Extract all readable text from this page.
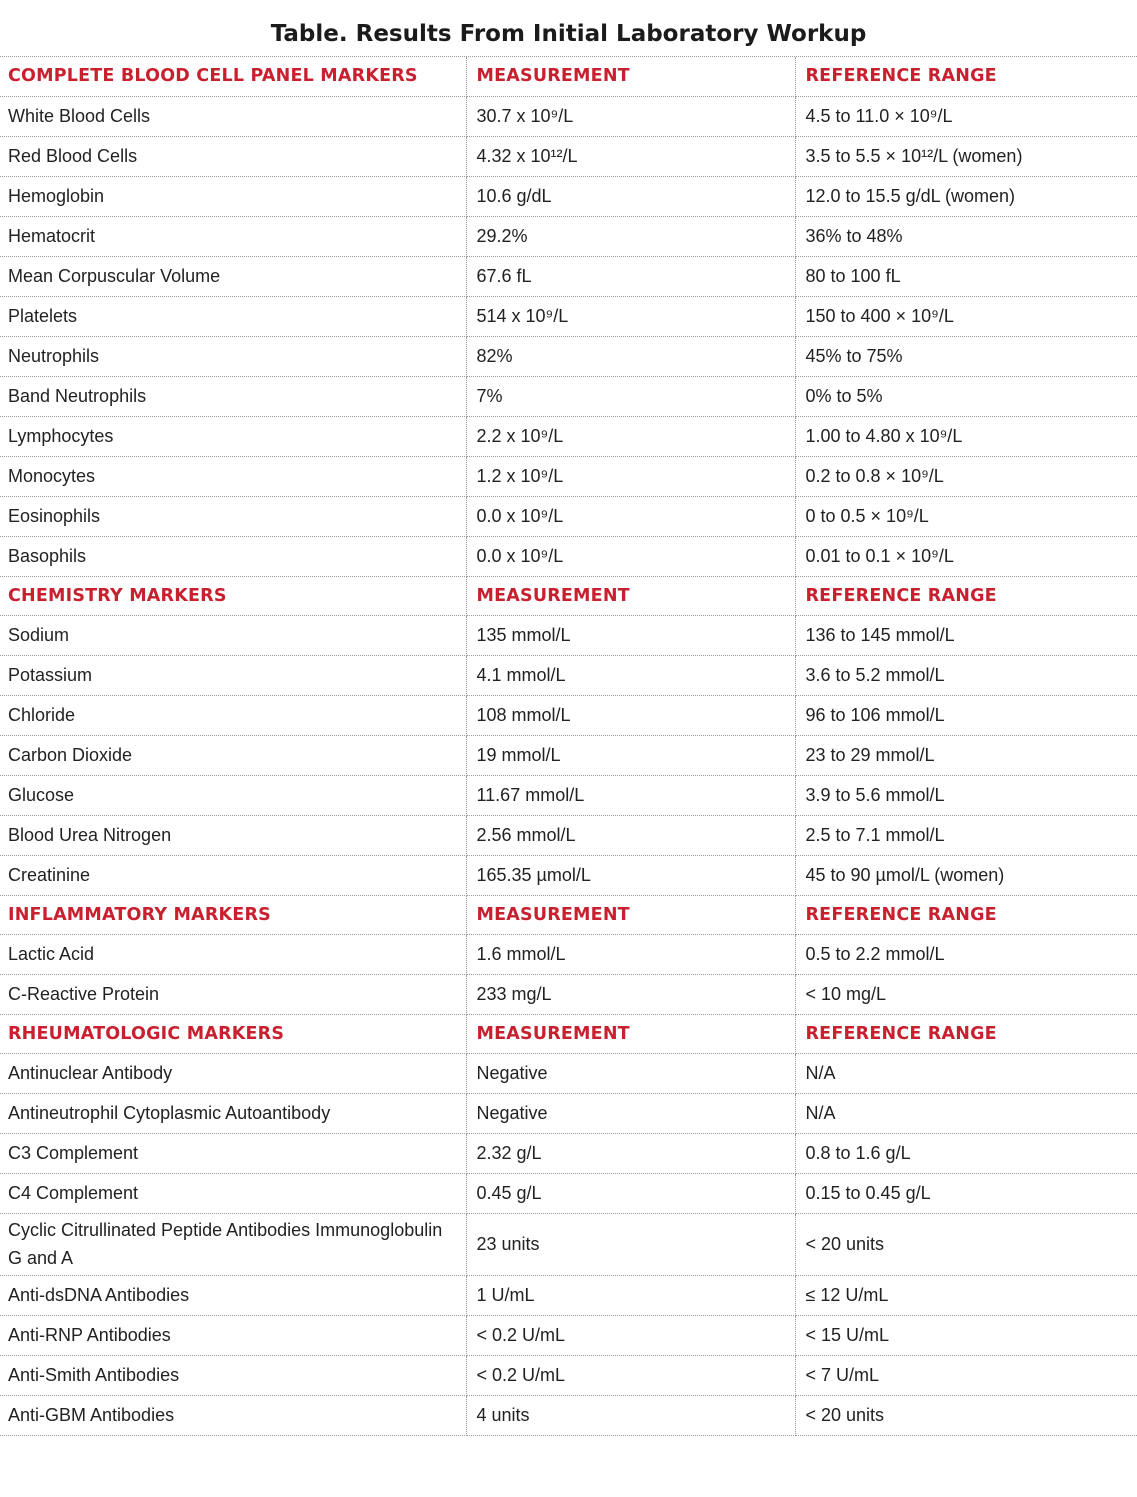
Table. Results From Initial Laboratory Workup
COMPLETE BLOOD CELL PANEL MARKERS	MEASUREMENT	REFERENCE RANGE
White Blood Cells	30.7 x 10⁹/L	4.5 to 11.0 × 10⁹/L
Red Blood Cells	4.32 x 10¹²/L	3.5 to 5.5 × 10¹²/L (women)
Hemoglobin	10.6 g/dL	12.0 to 15.5 g/dL (women)
Hematocrit	29.2%	36% to 48%
Mean Corpuscular Volume	67.6 fL	80 to 100 fL
Platelets	514 x 10⁹/L	150 to 400 × 10⁹/L
Neutrophils	82%	45% to 75%
Band Neutrophils	7%	0% to 5%
Lymphocytes	2.2 x 10⁹/L	1.00 to 4.80 x 10⁹/L
Monocytes	1.2 x 10⁹/L	0.2 to 0.8 × 10⁹/L
Eosinophils	0.0 x 10⁹/L	0 to 0.5 × 10⁹/L
Basophils	0.0 x 10⁹/L	0.01 to 0.1 × 10⁹/L
CHEMISTRY MARKERS	MEASUREMENT	REFERENCE RANGE
Sodium	135 mmol/L	136 to 145 mmol/L
Potassium	4.1 mmol/L	3.6 to 5.2 mmol/L
Chloride	108 mmol/L	96 to 106 mmol/L
Carbon Dioxide	19 mmol/L	23 to 29 mmol/L
Glucose	11.67 mmol/L	3.9 to 5.6 mmol/L
Blood Urea Nitrogen	2.56 mmol/L	2.5 to 7.1 mmol/L
Creatinine	165.35 µmol/L	45 to 90 µmol/L (women)
INFLAMMATORY MARKERS	MEASUREMENT	REFERENCE RANGE
Lactic Acid	1.6 mmol/L	0.5 to 2.2 mmol/L
C-Reactive Protein	233 mg/L	< 10 mg/L
RHEUMATOLOGIC MARKERS	MEASUREMENT	REFERENCE RANGE
Antinuclear Antibody	Negative	N/A
Antineutrophil Cytoplasmic Autoantibody	Negative	N/A
C3 Complement	2.32 g/L	0.8 to 1.6 g/L
C4 Complement	0.45 g/L	0.15 to 0.45 g/L
Cyclic Citrullinated Peptide Antibodies Immunoglobulin G and A	23 units	< 20 units
Anti-dsDNA Antibodies	1 U/mL	≤ 12 U/mL
Anti-RNP Antibodies	< 0.2 U/mL	< 15 U/mL
Anti-Smith Antibodies	< 0.2 U/mL	< 7 U/mL
Anti-GBM Antibodies	4 units	< 20 units
